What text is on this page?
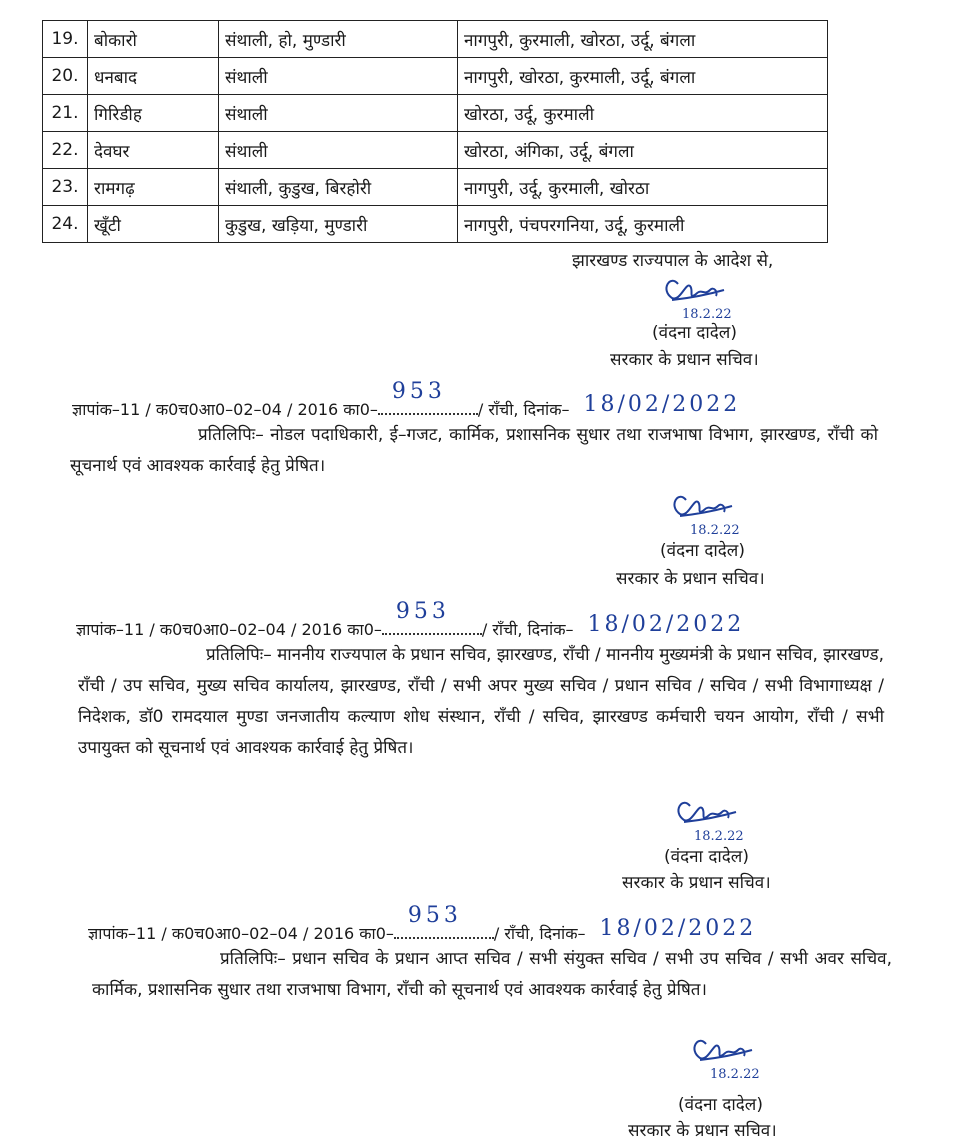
19.	बोकारो	संथाली, हो, मुण्डारी	नागपुरी, कुरमाली, खोरठा, उर्दू, बंगला
20.	धनबाद	संथाली	नागपुरी, खोरठा, कुरमाली, उर्दू, बंगला
21.	गिरिडीह	संथाली	खोरठा, उर्दू, कुरमाली
22.	देवघर	संथाली	खोरठा, अंगिका, उर्दू, बंगला
23.	रामगढ़	संथाली, कुडुख, बिरहोरी	नागपुरी, उर्दू, कुरमाली, खोरठा
24.	खूँटी	कुडुख, खड़िया, मुण्डारी	नागपुरी, पंचपरगनिया, उर्दू, कुरमाली
झारखण्ड राज्यपाल के आदेश से,
18.2.22
(वंदना दादेल)
सरकार के प्रधान सचिव।
ज्ञापांक–11 / क0च0आ0–02–04 / 2016 का0–
953
/ राँची, दिनांक– 18/02/2022
प्रतिलिपिः– नोडल पदाधिकारी, ई–गजट, कार्मिक, प्रशासनिक सुधार तथा राजभाषा विभाग, झारखण्ड, राँची को सूचनार्थ एवं आवश्यक कार्रवाई हेतु प्रेषित।
18.2.22
(वंदना दादेल)
सरकार के प्रधान सचिव।
ज्ञापांक–11 / क0च0आ0–02–04 / 2016 का0–
953
/ राँची, दिनांक– 18/02/2022
प्रतिलिपिः– माननीय राज्यपाल के प्रधान सचिव, झारखण्ड, राँची / माननीय मुख्यमंत्री के प्रधान सचिव, झारखण्ड, राँची / उप सचिव, मुख्य सचिव कार्यालय, झारखण्ड, राँची / सभी अपर मुख्य सचिव / प्रधान सचिव / सचिव / सभी विभागाध्यक्ष / निदेशक, डॉ0 रामदयाल मुण्डा जनजातीय कल्याण शोध संस्थान, राँची / सचिव, झारखण्ड कर्मचारी चयन आयोग, राँची / सभी उपायुक्त को सूचनार्थ एवं आवश्यक कार्रवाई हेतु प्रेषित।
18.2.22
(वंदना दादेल)
सरकार के प्रधान सचिव।
ज्ञापांक–11 / क0च0आ0–02–04 / 2016 का0–
953
/ राँची, दिनांक– 18/02/2022
प्रतिलिपिः– प्रधान सचिव के प्रधान आप्त सचिव / सभी संयुक्त सचिव / सभी उप सचिव / सभी अवर सचिव, कार्मिक, प्रशासनिक सुधार तथा राजभाषा विभाग, राँची को सूचनार्थ एवं आवश्यक कार्रवाई हेतु प्रेषित।
18.2.22
(वंदना दादेल)
सरकार के प्रधान सचिव।
